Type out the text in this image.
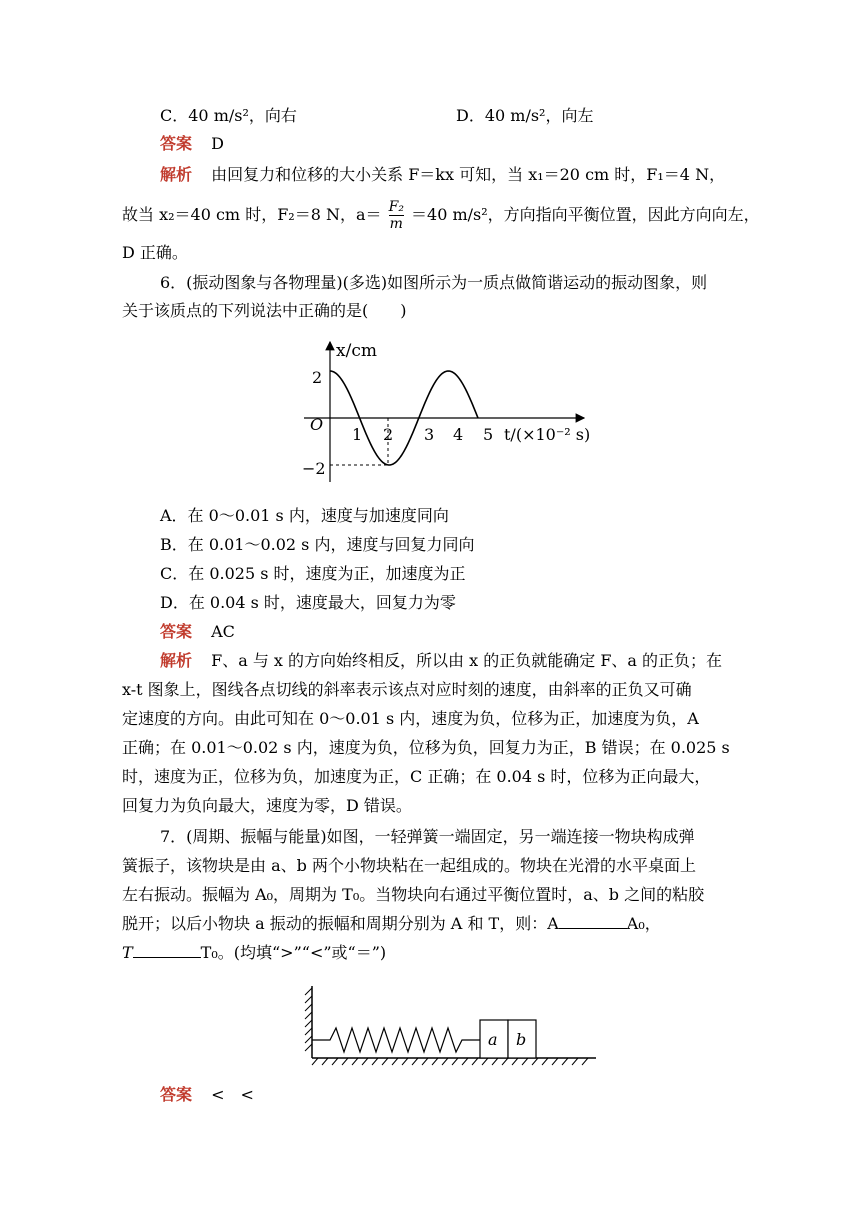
C．40 m/s²，向右	D．40 m/s²，向左
答案 D
解析 由回复力和位移的大小关系 F＝kx 可知，当 x₁＝20 cm 时，F₁＝4 N，
故当 x₂＝40 cm 时，F₂＝8 N，$a= \frac{\text{F₂}}{m} =40$ m/s²，方向指向平衡位置，因此方向向左，
D 正确。
6．(振动图象与各物理量)(多选)如图所示为一质点做简谐运动的振动图象，则
关于该质点的下列说法中正确的是(　　)
x/cm
2
−2
O
1 2 3 4 5 t/(×10⁻² s)
A．在 0～0.01 s 内，速度与加速度同向
B．在 0.01～0.02 s 内，速度与回复力同向
C．在 0.025 s 时，速度为正，加速度为正
D．在 0.04 s 时，速度最大，回复力为零
答案 AC
解析 F、a 与 x 的方向始终相反，所以由 x 的正负就能确定 F、a 的正负；在
x-t 图象上，图线各点切线的斜率表示该点对应时刻的速度，由斜率的正负又可确
定速度的方向。由此可知在 0～0.01 s 内，速度为负，位移为正，加速度为负，A
正确；在 0.01～0.02 s 内，速度为负，位移为负，回复力为正，B 错误；在 0.025 s
时，速度为正，位移为负，加速度为正，C 正确；在 0.04 s 时，位移为正向最大，
回复力为负向最大，速度为零，D 错误。
7．(周期、振幅与能量)如图，一轻弹簧一端固定，另一端连接一物块构成弹
簧振子，该物块是由 a、b 两个小物块粘在一起组成的。物块在光滑的水平桌面上
左右振动。振幅为 A₀，周期为 T₀。当物块向右通过平衡位置时，a、b 之间的粘胶
脱开；以后小物块 a 振动的振幅和周期分别为 A 和 T，则：A	A₀，
T	T₀。(均填“>”“<”或“＝”)
a b
答案 <　<
